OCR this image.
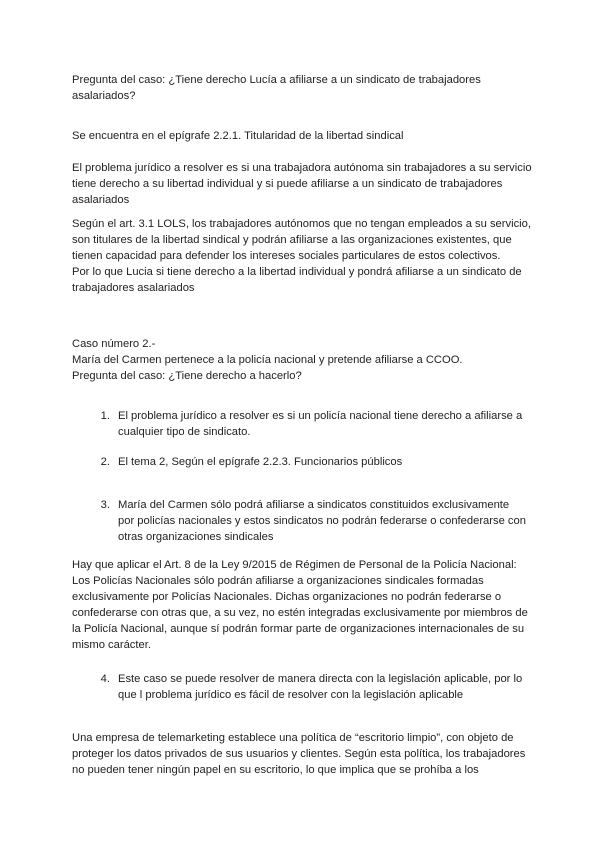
Pregunta del caso: ¿Tiene derecho Lucía a afiliarse a un sindicato de trabajadores asalariados?

Se encuentra en el epígrafe 2.2.1. Titularidad de la libertad sindical

El problema jurídico a resolver es si una trabajadora autónoma sin trabajadores a su servicio tiene derecho a su libertad individual y si puede afiliarse a un sindicato de trabajadores asalariados

Según el art. 3.1 LOLS, los trabajadores autónomos que no tengan empleados a su servicio, son titulares de la libertad sindical y podrán afiliarse a las organizaciones existentes, que tienen capacidad para defender los intereses sociales particulares de estos colectivos.

Por lo que Lucia si tiene derecho a la libertad individual y pondrá afiliarse a un sindicato de trabajadores asalariados

Caso número 2.-

María del Carmen pertenece a la policía nacional y pretende afiliarse a CCOO.

Pregunta del caso: ¿Tiene derecho a hacerlo?

1. El problema jurídico a resolver es si un policía nacional tiene derecho a afiliarse a cualquier tipo de sindicato.
2. El tema 2, Según el epígrafe 2.2.3. Funcionarios públicos
3. María del Carmen sólo podrá afiliarse a sindicatos constituidos exclusivamente por policías nacionales y estos sindicatos no podrán federarse o confederarse con otras organizaciones sindicales

Hay que aplicar el Art. 8 de la Ley 9/2015 de Régimen de Personal de la Policía Nacional: Los Policías Nacionales sólo podrán afiliarse a organizaciones sindicales formadas exclusivamente por Policías Nacionales. Dichas organizaciones no podrán federarse o confederarse con otras que, a su vez, no estén integradas exclusivamente por miembros de la Policía Nacional, aunque sí podrán formar parte de organizaciones internacionales de su mismo carácter.

4. Este caso se puede resolver de manera directa con la legislación aplicable, por lo que l problema jurídico es fácil de resolver con la legislación aplicable

Una empresa de telemarketing establece una política de “escritorio limpio”, con objeto de proteger los datos privados de sus usuarios y clientes. Según esta política, los trabajadores no pueden tener ningún papel en su escritorio, lo que implica que se prohíba a los
